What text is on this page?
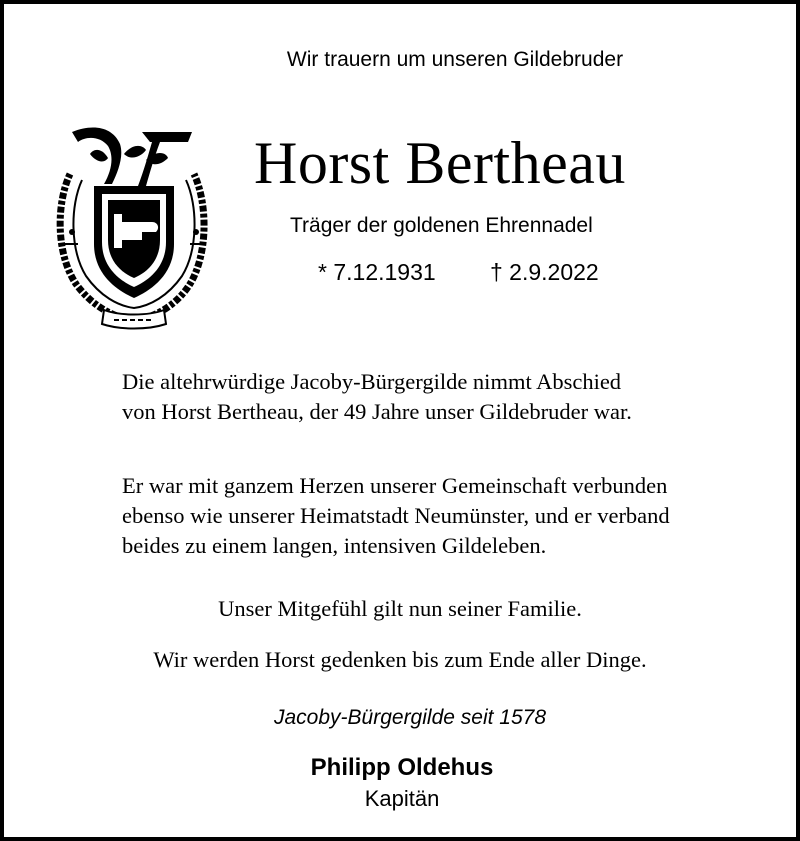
Wir trauern um unseren Gildebruder
Horst Bertheau
Träger der goldenen Ehrennadel
* 7.12.1931 † 2.9.2022
Die altehrwürdige Jacoby-Bürgergilde nimmt Abschied
von Horst Bertheau, der 49 Jahre unser Gildebruder war.
Er war mit ganzem Herzen unserer Gemeinschaft verbunden
ebenso wie unserer Heimatstadt Neumünster, und er verband
beides zu einem langen, intensiven Gildeleben.
Unser Mitgefühl gilt nun seiner Familie.
Wir werden Horst gedenken bis zum Ende aller Dinge.
Jacoby-Bürgergilde seit 1578
Philipp Oldehus
Kapitän
